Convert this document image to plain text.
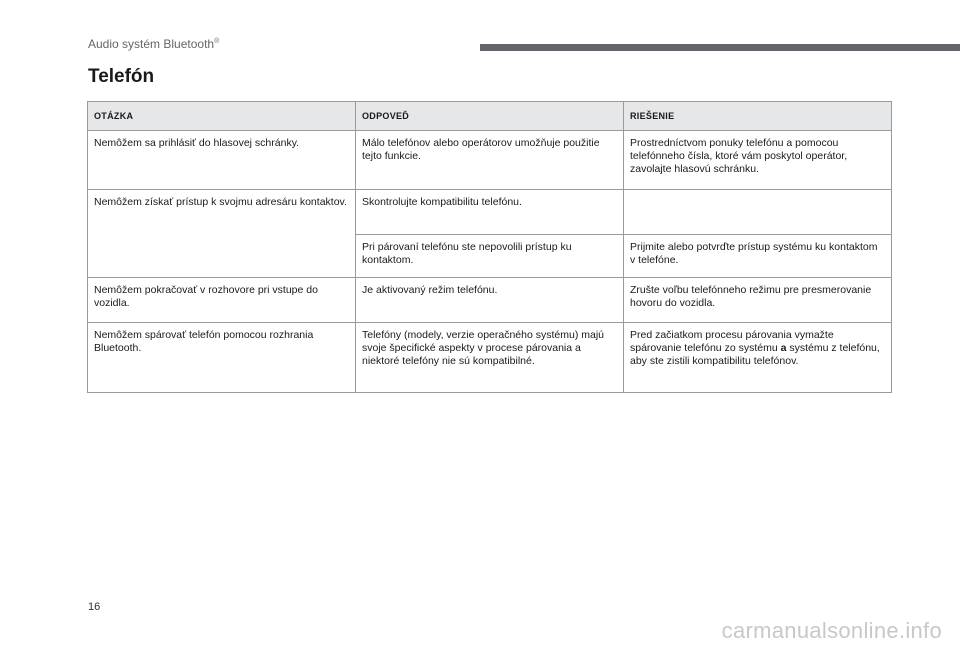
Audio systém Bluetooth®
Telefón
OTÁZKA	ODPOVEĎ	RIEŠENIE
Nemôžem sa prihlásiť do hlasovej schránky.	Málo telefónov alebo operátorov umožňuje použitie tejto funkcie.	Prostredníctvom ponuky telefónu a pomocou telefónneho čísla, ktoré vám poskytol operátor, zavolajte hlasovú schránku.
Nemôžem získať prístup k svojmu adresáru kontaktov.	Skontrolujte kompatibilitu telefónu.	
	Pri párovaní telefónu ste nepovolili prístup ku kontaktom.	Prijmite alebo potvrďte prístup systému ku kontaktom v telefóne.
Nemôžem pokračovať v rozhovore pri vstupe do vozidla.	Je aktivovaný režim telefónu.	Zrušte voľbu telefónneho režimu pre presmerovanie hovoru do vozidla.
Nemôžem spárovať telefón pomocou rozhrania Bluetooth.	Telefóny (modely, verzie operačného systému) majú svoje špecifické aspekty v procese párovania a niektoré telefóny nie sú kompatibilné.	Pred začiatkom procesu párovania vymažte spárovanie telefónu zo systému a systému z telefónu, aby ste zistili kompatibilitu telefónov.
16
carmanualsonline.info
